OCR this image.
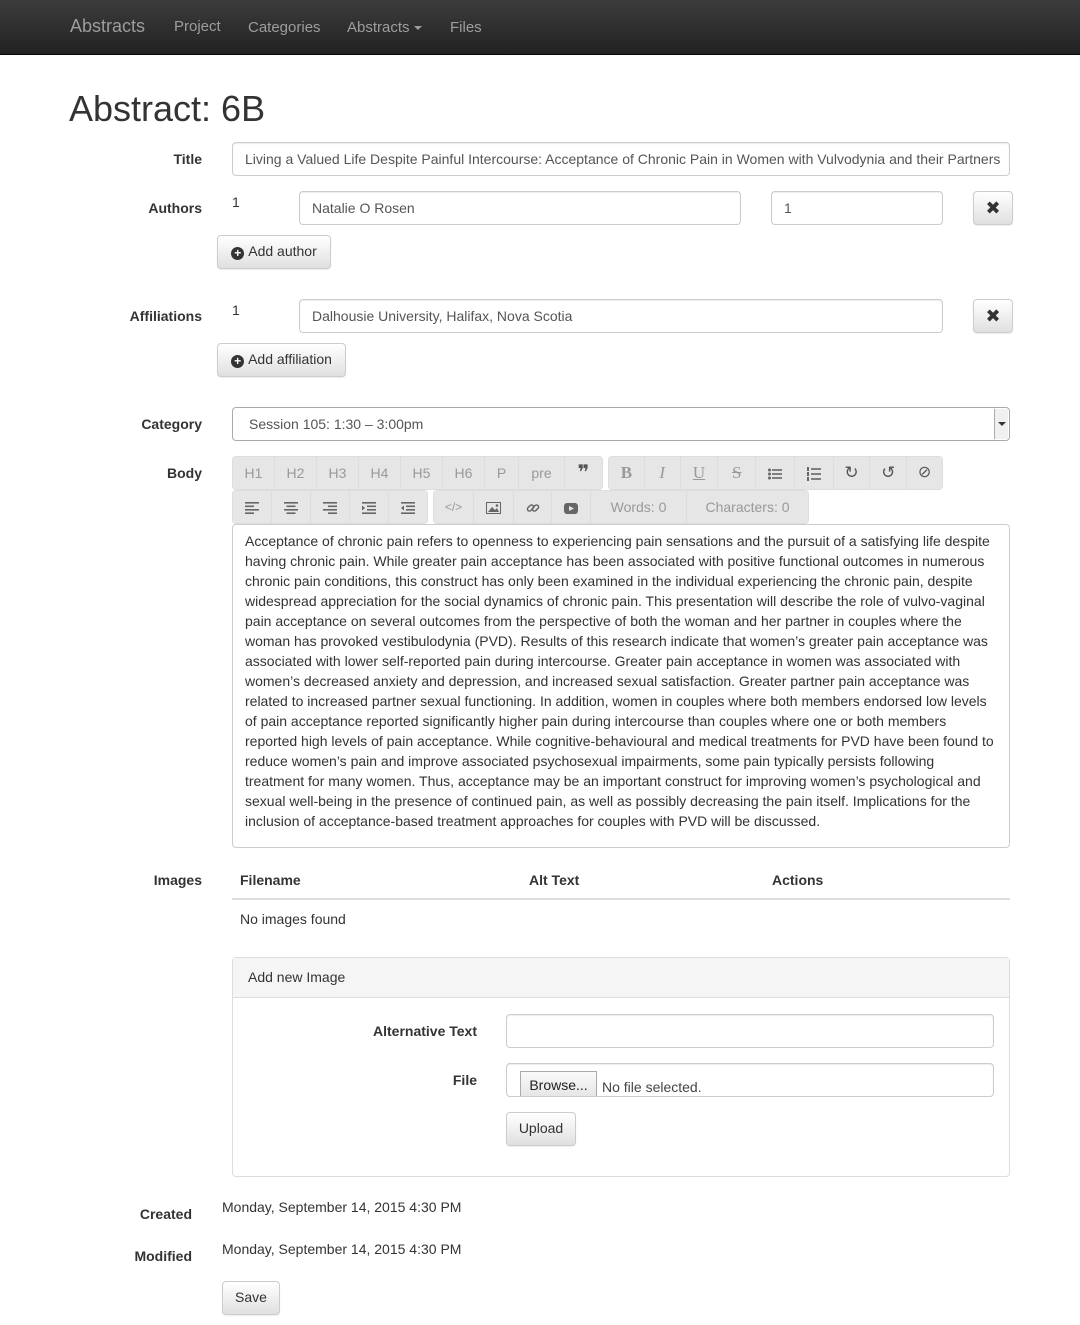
Abstracts Project Categories Abstracts	Files
Abstract: 6B
Title	Living a Valued Life Despite Painful Intercourse: Acceptance of Chronic Pain in Women with Vulvodynia and their Partners
Authors 1	Natalie O Rosen	1	✖
+ Add author
Affiliations 1	Dalhousie University, Halifax, Nova Scotia	✖
+ Add affiliation
Category	Session 105: 1:30 – 3:00pm
Body	H1	H2	H3	H4	H5	H6	P	pre	❞	B	I	U	S	↻	↺	⊘
</>	Words: 0	Characters: 0
Acceptance of chronic pain refers to openness to experiencing pain sensations and the pursuit of a satisfying life despite having chronic pain. While greater pain acceptance has been associated with positive functional outcomes in numerous chronic pain conditions, this construct has only been examined in the individual experiencing the chronic pain, despite widespread appreciation for the social dynamics of chronic pain. This presentation will describe the role of vulvo-vaginal pain acceptance on several outcomes from the perspective of both the woman and her partner in couples where the woman has provoked vestibulodynia (PVD). Results of this research indicate that women’s greater pain acceptance was associated with lower self-reported pain during intercourse. Greater pain acceptance in women was associated with women’s decreased anxiety and depression, and increased sexual satisfaction. Greater partner pain acceptance was related to increased partner sexual functioning. In addition, women in couples where both members endorsed low levels of pain acceptance reported significantly higher pain during intercourse than couples where one or both members reported high levels of pain acceptance. While cognitive-behavioural and medical treatments for PVD have been found to reduce women’s pain and improve associated psychosexual impairments, some pain typically persists following treatment for many women. Thus, acceptance may be an important construct for improving women’s psychological and sexual well-being in the presence of continued pain, as well as possibly decreasing the pain itself. Implications for the inclusion of acceptance-based treatment approaches for couples with PVD will be discussed.
Images	Filename	Alt Text	Actions
No images found
Add new Image
Alternative Text
File	Browse...	No file selected.
Upload
Created Monday, September 14, 2015 4:30 PM
Modified Monday, September 14, 2015 4:30 PM
Save
